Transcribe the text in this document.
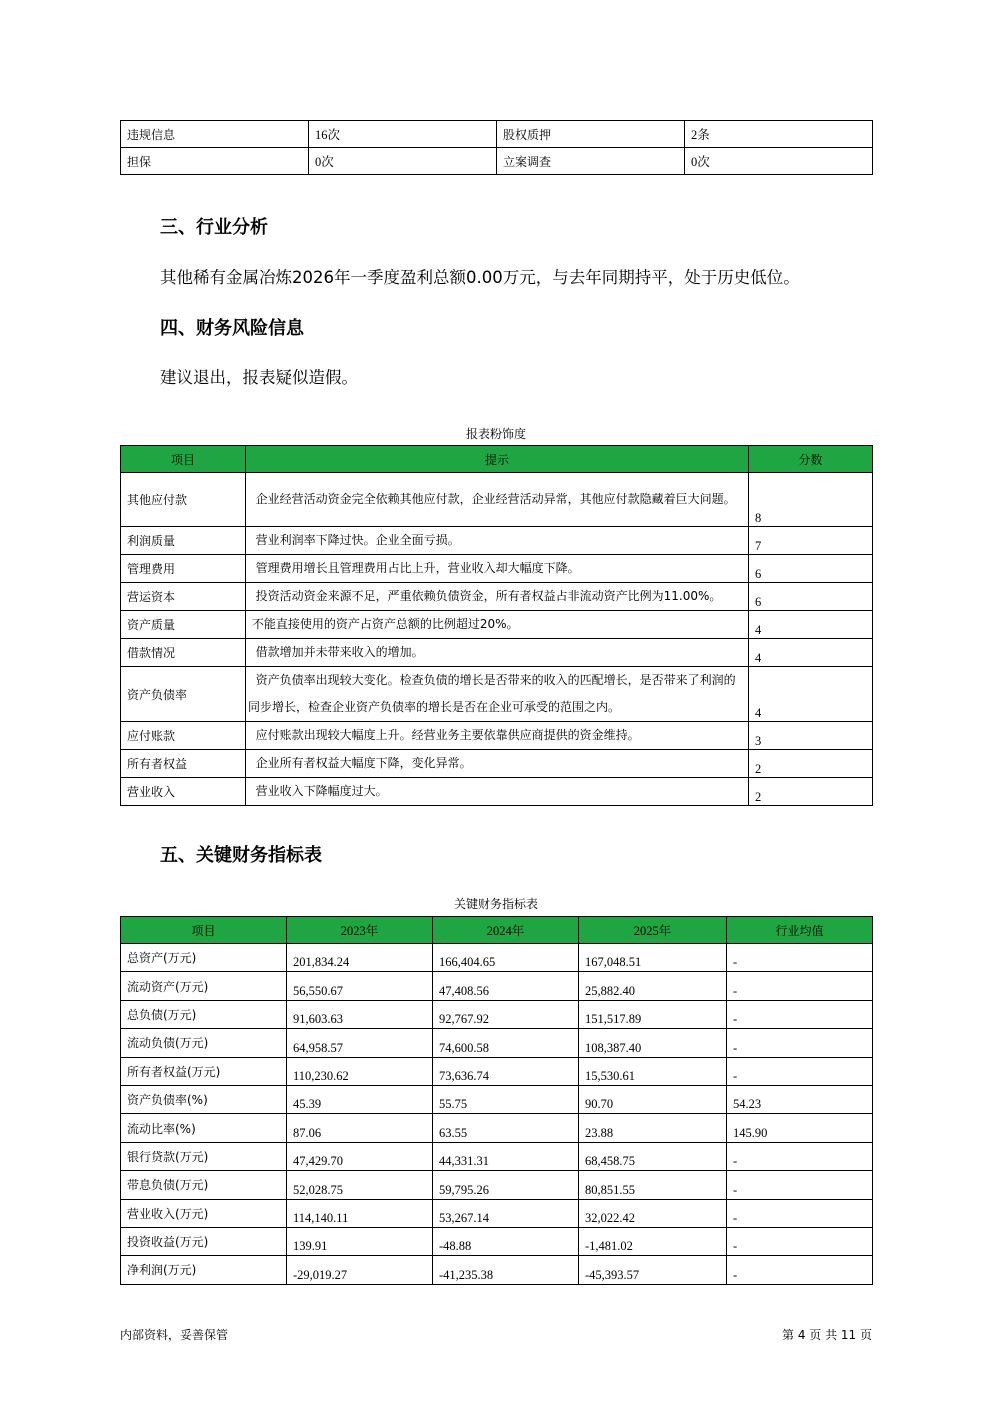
违规信息	16次	股权质押	2条
担保	0次	立案调查	0次
三、行业分析
其他稀有金属冶炼2026年一季度盈利总额0.00万元，与去年同期持平，处于历史低位。
四、财务风险信息
建议退出，报表疑似造假。
报表粉饰度
项目	提示	分数
其他应付款	企业经营活动资金完全依赖其他应付款，企业经营活动异常，其他应付款隐藏着巨大问题。	8
利润质量	营业利润率下降过快。企业全面亏损。	7
管理费用	管理费用增长且管理费用占比上升，营业收入却大幅度下降。	6
营运资本	投资活动资金来源不足，严重依赖负债资金，所有者权益占非流动资产比例为11.00%。	6
资产质量	不能直接使用的资产占资产总额的比例超过20%。	4
借款情况	借款增加并未带来收入的增加。	4
资产负债率	资产负债率出现较大变化。检查负债的增长是否带来的收入的匹配增长，是否带来了利润的同步增长，检查企业资产负债率的增长是否在企业可承受的范围之内。	4
应付账款	应付账款出现较大幅度上升。经营业务主要依靠供应商提供的资金维持。	3
所有者权益	企业所有者权益大幅度下降，变化异常。	2
营业收入	营业收入下降幅度过大。	2
五、关键财务指标表
关键财务指标表
项目	2023年	2024年	2025年	行业均值
总资产(万元)	201,834.24	166,404.65	167,048.51	-
流动资产(万元)	56,550.67	47,408.56	25,882.40	-
总负债(万元)	91,603.63	92,767.92	151,517.89	-
流动负债(万元)	64,958.57	74,600.58	108,387.40	-
所有者权益(万元)	110,230.62	73,636.74	15,530.61	-
资产负债率(%)	45.39	55.75	90.70	54.23
流动比率(%)	87.06	63.55	23.88	145.90
银行贷款(万元)	47,429.70	44,331.31	68,458.75	-
带息负债(万元)	52,028.75	59,795.26	80,851.55	-
营业收入(万元)	114,140.11	53,267.14	32,022.42	-
投资收益(万元)	139.91	-48.88	-1,481.02	-
净利润(万元)	-29,019.27	-41,235.38	-45,393.57	-
内部资料，妥善保管	第 4 页 共 11 页
